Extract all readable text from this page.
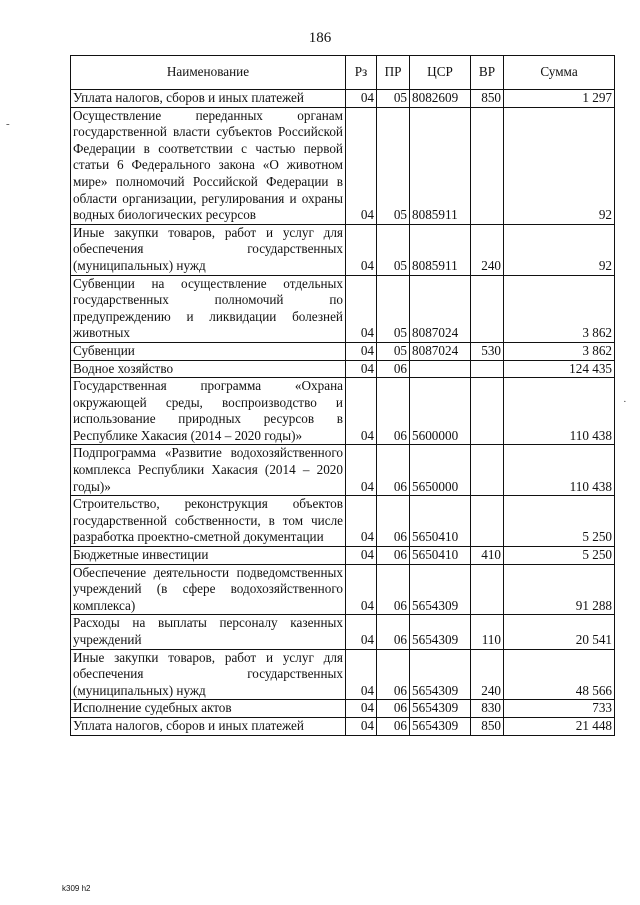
186
Наименование	Рз	ПР	ЦСР	ВР	Сумма
Уплата налогов, сборов и иных платежей	04	05	8082609	850	1 297
Осуществление переданных органам государственной власти субъектов Российской Федерации в соответствии с частью первой статьи 6 Федерального закона «О животном мире» полномочий Российской Федерации в области организации, регулирования и охраны водных биологических ресурсов	04	05	8085911		92
Иные закупки товаров, работ и услуг для обеспечения государственных (муниципальных) нужд	04	05	8085911	240	92
Субвенции на осуществление отдельных государственных полномочий по предупреждению и ликвидации болезней животных	04	05	8087024		3 862
Субвенции	04	05	8087024	530	3 862
Водное хозяйство	04	06			124 435
Государственная программа «Охрана окружающей среды, воспроизводство и использование природных ресурсов в Республике Хакасия (2014 – 2020 годы)»	04	06	5600000		110 438
Подпрограмма «Развитие водохозяйственного комплекса Республики Хакасия (2014 – 2020 годы)»	04	06	5650000		110 438
Строительство, реконструкция объектов государственной собственности, в том числе разработка проектно-сметной документации	04	06	5650410		5 250
Бюджетные инвестиции	04	06	5650410	410	5 250
Обеспечение деятельности подведомственных учреждений (в сфере водохозяйственного комплекса)	04	06	5654309		91 288
Расходы на выплаты персоналу казенных учреждений	04	06	5654309	110	20 541
Иные закупки товаров, работ и услуг для обеспечения государственных (муниципальных) нужд	04	06	5654309	240	48 566
Исполнение судебных актов	04	06	5654309	830	733
Уплата налогов, сборов и иных платежей	04	06	5654309	850	21 448
k309 h2
-
·
